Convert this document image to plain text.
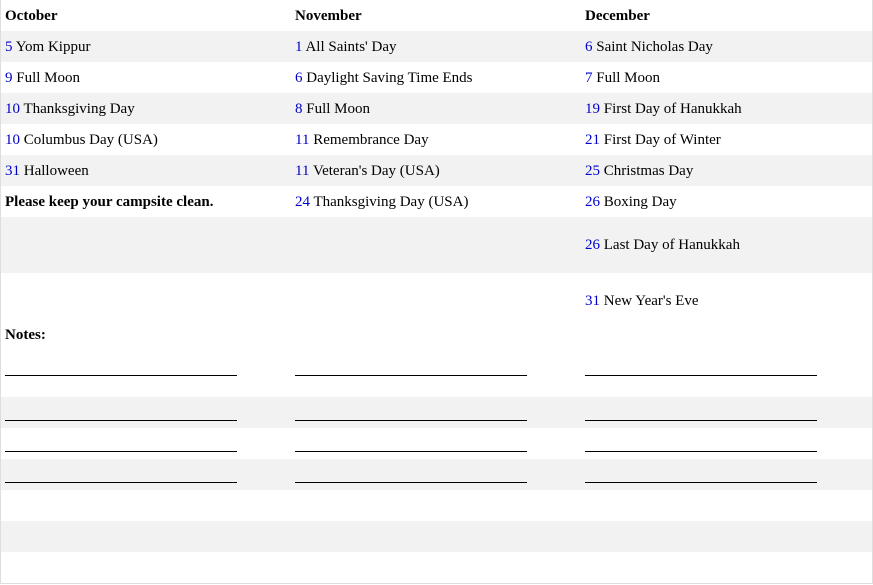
October	November	December
5 Yom Kippur
9 Full Moon
10 Thanksgiving Day
10 Columbus Day (USA)
31 Halloween
Please keep your campsite clean.
1 All Saints' Day
6 Daylight Saving Time Ends
8 Full Moon
11 Remembrance Day
11 Veteran's Day (USA)
24 Thanksgiving Day (USA)
6 Saint Nicholas Day
7 Full Moon
19 First Day of Hanukkah
21 First Day of Winter
25 Christmas Day
26 Boxing Day
26 Last Day of Hanukkah
31 New Year's Eve
Notes:
